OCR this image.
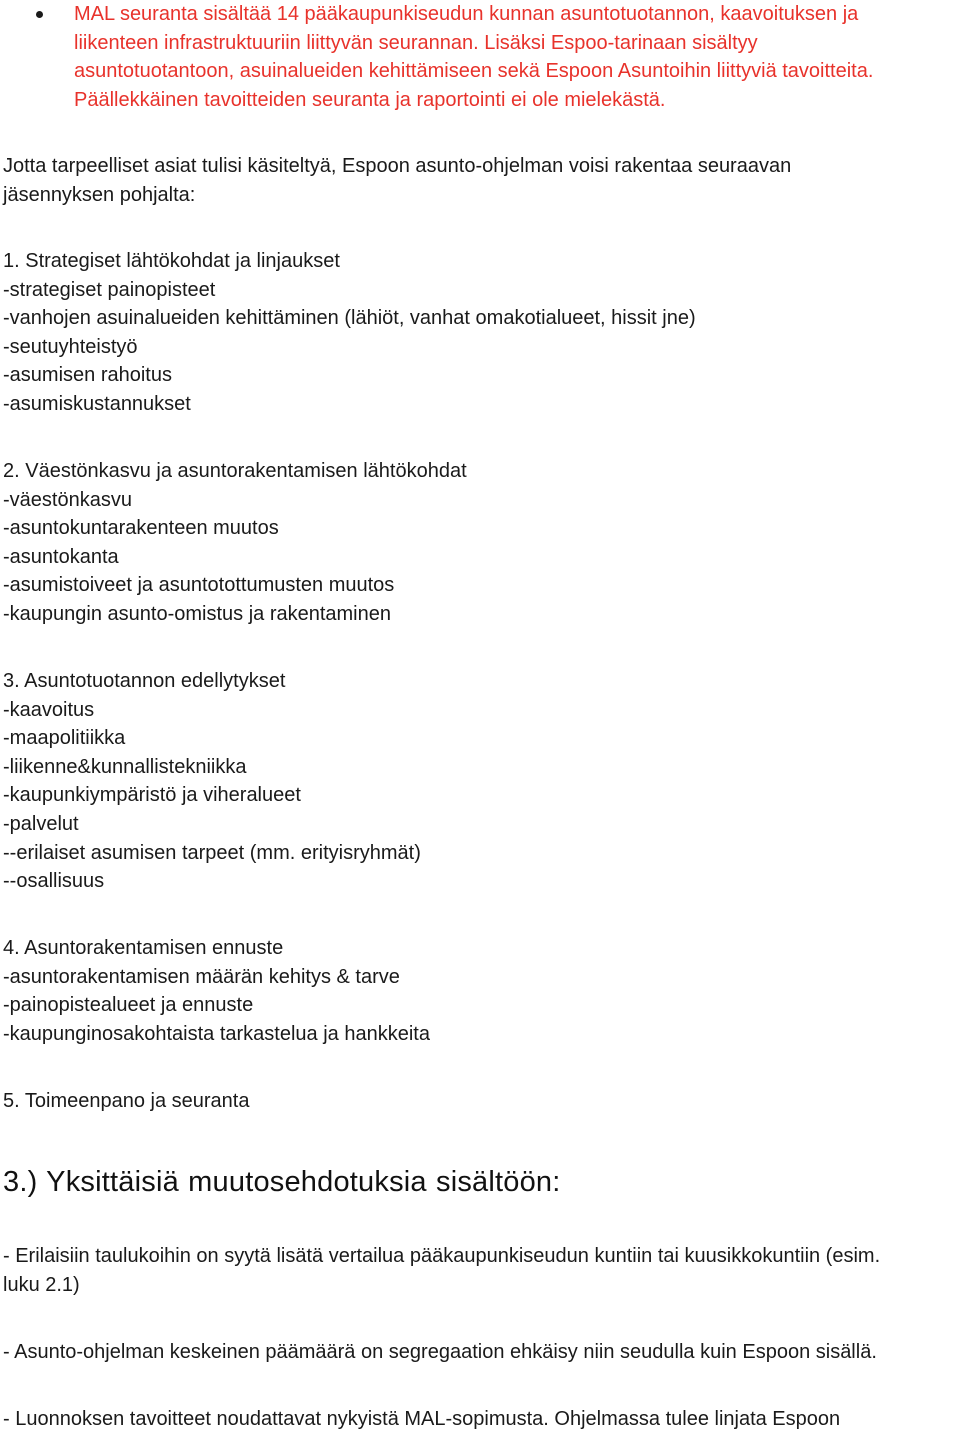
MAL seuranta sisältää 14 pääkaupunkiseudun kunnan asuntotuotannon, kaavoituksen ja
liikenteen infrastruktuuriin liittyvän seurannan. Lisäksi Espoo-tarinaan sisältyy
asuntotuotantoon, asuinalueiden kehittämiseen sekä Espoon Asuntoihin liittyviä tavoitteita.
Päällekkäinen tavoitteiden seuranta ja raportointi ei ole mielekästä.
Jotta tarpeelliset asiat tulisi käsiteltyä, Espoon asunto-ohjelman voisi rakentaa seuraavan
jäsennyksen pohjalta:
1. Strategiset lähtökohdat ja linjaukset
-strategiset painopisteet
-vanhojen asuinalueiden kehittäminen (lähiöt, vanhat omakotialueet, hissit jne)
-seutuyhteistyö
-asumisen rahoitus
-asumiskustannukset
2. Väestönkasvu ja asuntorakentamisen lähtökohdat
-väestönkasvu
-asuntokuntarakenteen muutos
-asuntokanta
-asumistoiveet ja asuntotottumusten muutos
-kaupungin asunto-omistus ja rakentaminen
3. Asuntotuotannon edellytykset
-kaavoitus
-maapolitiikka
-liikenne&kunnallistekniikka
-kaupunkiympäristö ja viheralueet
-palvelut
--erilaiset asumisen tarpeet (mm. erityisryhmät)
--osallisuus
4. Asuntorakentamisen ennuste
-asuntorakentamisen määrän kehitys & tarve
-painopistealueet ja ennuste
-kaupunginosakohtaista tarkastelua ja hankkeita
5. Toimeenpano ja seuranta
3.) Yksittäisiä muutosehdotuksia sisältöön:
- Erilaisiin taulukoihin on syytä lisätä vertailua pääkaupunkiseudun kuntiin tai kuusikkokuntiin (esim.
luku 2.1)
- Asunto-ohjelman keskeinen päämäärä on segregaation ehkäisy niin seudulla kuin Espoon sisällä.
- Luonnoksen tavoitteet noudattavat nykyistä MAL-sopimusta. Ohjelmassa tulee linjata Espoon
